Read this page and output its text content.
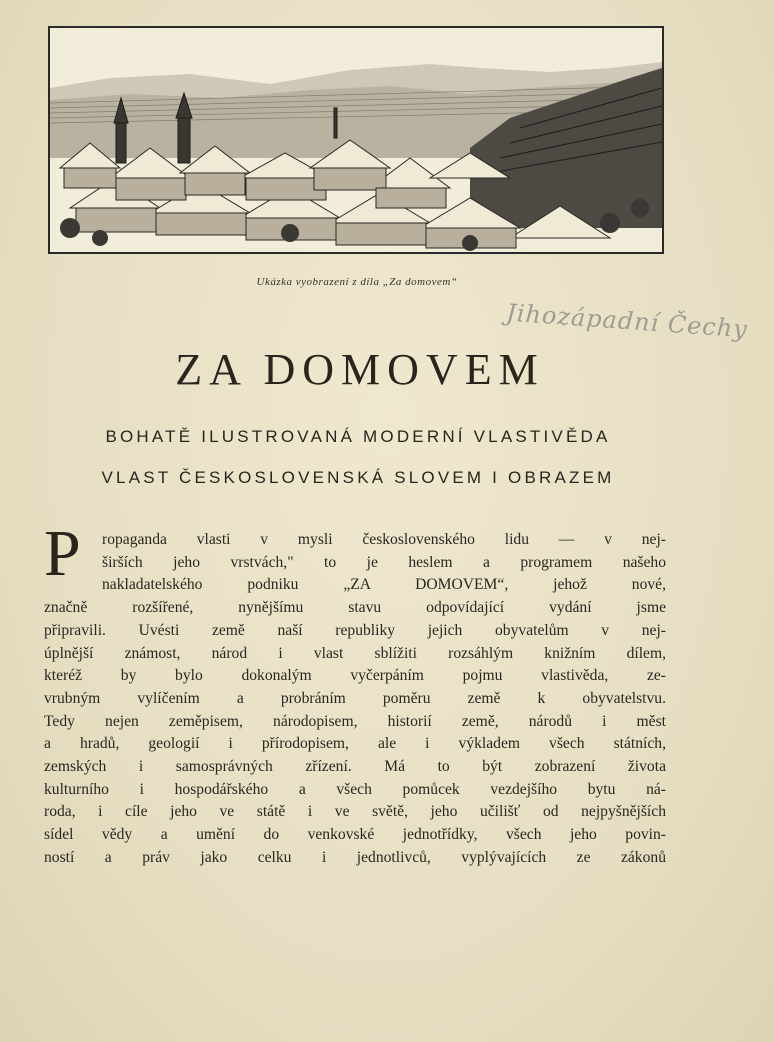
Ukázka vyobrazení z díla „Za domovem“
Jihozápadní Čechy
ZA DOMOVEM
BOHATĚ ILUSTROVANÁ MODERNÍ VLASTIVĚDA
VLAST ČESKOSLOVENSKÁ SLOVEM I OBRAZEM
P	ropaganda vlasti v mysli československého lidu — v nej-
širších jeho vrstvách," to je heslem a programem našeho
nakladatelského podniku „ZA DOMOVEM“, jehož nové,
značně rozšířené, nynějšímu stavu odpovídající vydání jsme
připravili. Uvésti země naší republiky jejich obyvatelům v nej-
úplnější známost, národ i vlast sblížiti rozsáhlým knižním dílem,
kteréž by bylo dokonalým vyčerpáním pojmu vlastivěda, ze-
vrubným vylíčením a probráním poměru země k obyvatelstvu.
Tedy nejen zeměpisem, národopisem, historií země, národů i měst
a hradů, geologií i přírodopisem, ale i výkladem všech státních,
zemských i samosprávných zřízení. Má to být zobrazení života
kulturního i hospodářského a všech pomůcek vezdejšího bytu ná-
roda, i cíle jeho ve státě i ve světě, jeho učilišť od nejpyšnějších
sídel vědy a umění do venkovské jednotřídky, všech jeho povin-
ností a práv jako celku i jednotlivců, vyplývajících ze zákonů
